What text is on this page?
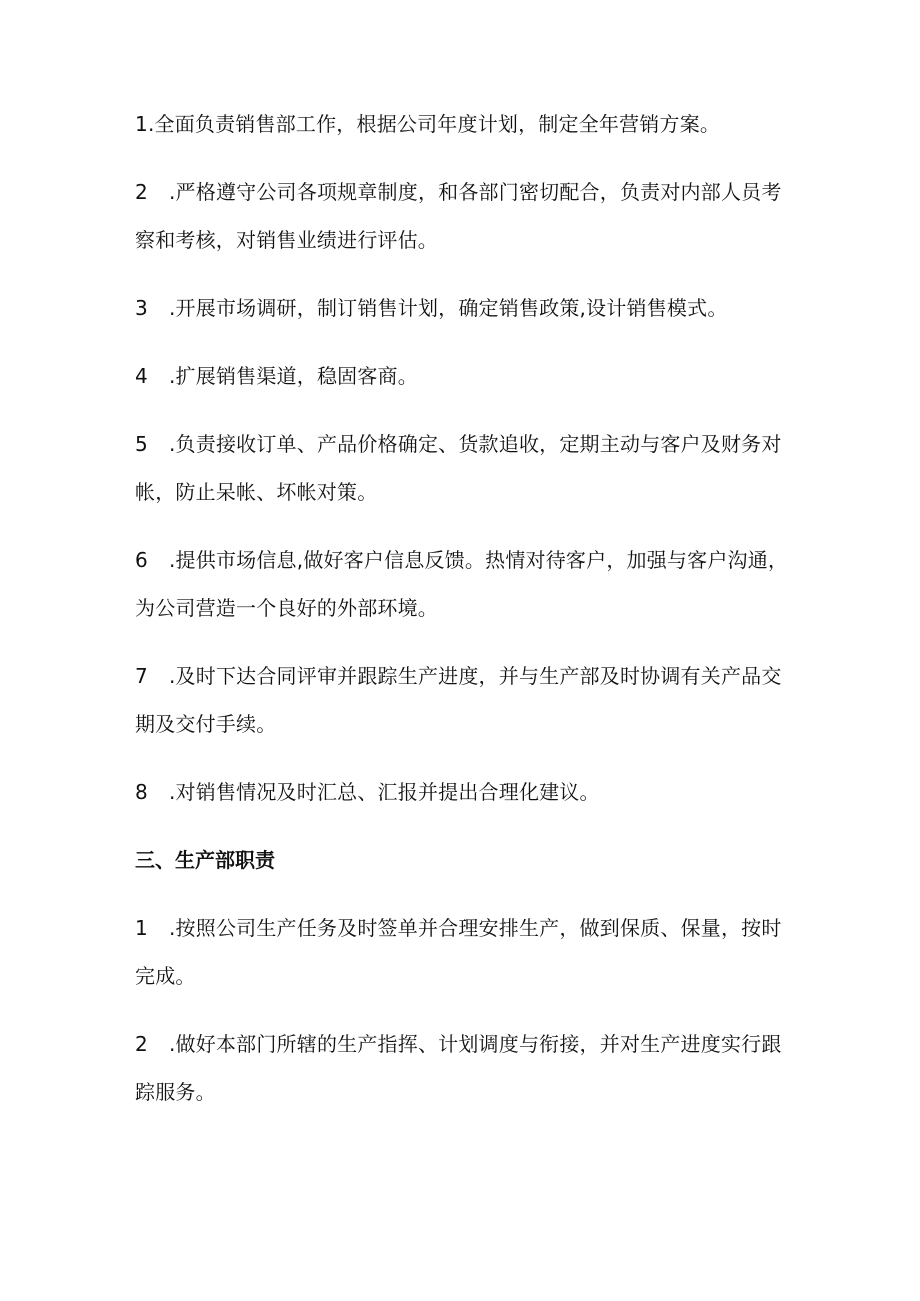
1.全面负责销售部工作，根据公司年度计划，制定全年营销方案。

2 .严格遵守公司各项规章制度，和各部门密切配合，负责对内部人员考察和考核，对销售业绩进行评估。

3 .开展市场调研，制订销售计划，确定销售政策,设计销售模式。

4 .扩展销售渠道，稳固客商。

5 .负责接收订单、产品价格确定、货款追收，定期主动与客户及财务对帐，防止呆帐、坏帐对策。

6 .提供市场信息,做好客户信息反馈。热情对待客户，加强与客户沟通，为公司营造一个良好的外部环境。

7 .及时下达合同评审并跟踪生产进度，并与生产部及时协调有关产品交期及交付手续。

8 .对销售情况及时汇总、汇报并提出合理化建议。

三、生产部职责

1 .按照公司生产任务及时签单并合理安排生产，做到保质、保量，按时完成。

2 .做好本部门所辖的生产指挥、计划调度与衔接，并对生产进度实行跟踪服务。
